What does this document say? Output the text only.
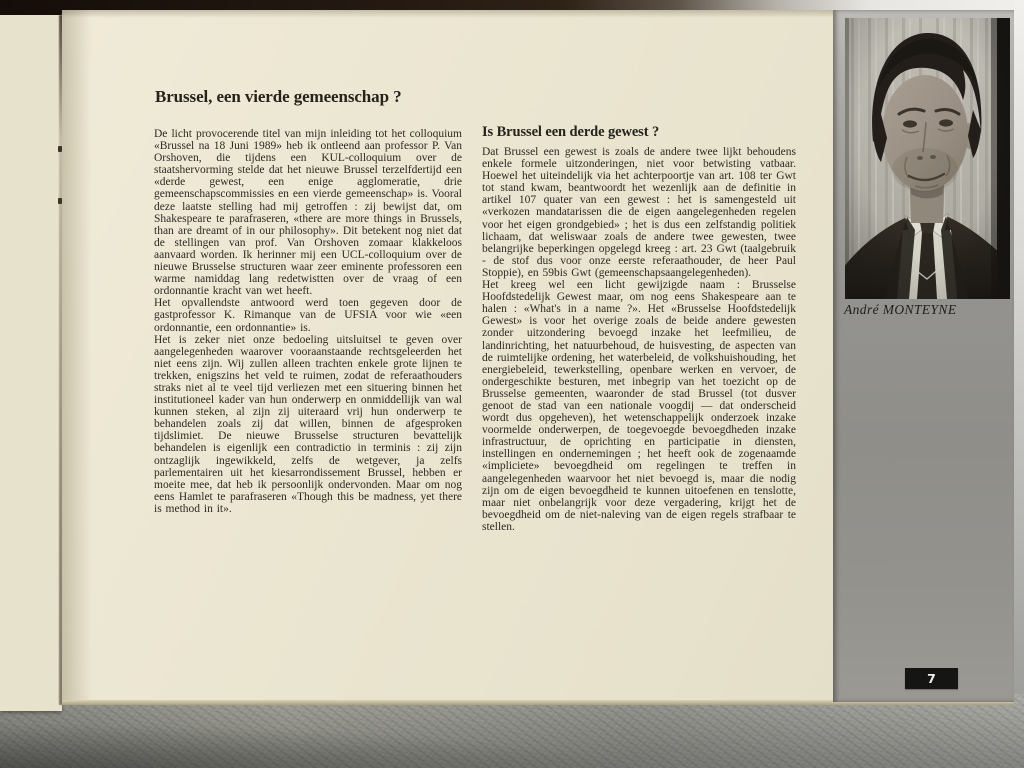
André MONTEYNE
Brussel, een vierde gemeenschap ?

De licht provocerende titel van mijn inleiding tot het colloquium «Brussel na 18 Juni 1989» heb ik ontleend aan professor P. Van Orshoven, die tijdens een KUL-colloquium over de staatshervorming stelde dat het nieuwe Brussel terzelfdertijd een «derde gewest, een enige agglomeratie, drie gemeenschapscommissies en een vierde gemeenschap» is. Vooral deze laatste stelling had mij getroffen : zij bewijst dat, om Shakespeare te parafraseren, «there are more things in Brussels, than are dreamt of in our philosophy». Dit betekent nog niet dat de stellingen van prof. Van Orshoven zomaar klakkeloos aanvaard worden. Ik herinner mij een UCL-colloquium over de nieuwe Brusselse structuren waar zeer eminente professoren een warme namiddag lang redetwistten over de vraag of een ordonnantie kracht van wet heeft.

Het opvallendste antwoord werd toen gegeven door de gastprofessor K. Rimanque van de UFSIA voor wie «een ordonnantie, een ordonnantie» is.

Het is zeker niet onze bedoeling uitsluitsel te geven over aangelegenheden waarover vooraanstaande rechtsgeleerden het niet eens zijn. Wij zullen alleen trachten enkele grote lijnen te trekken, enigszins het veld te ruimen, zodat de referaathouders straks niet al te veel tijd verliezen met een situering binnen het institutioneel kader van hun onderwerp en onmiddellijk van wal kunnen steken, al zijn zij uiteraard vrij hun onderwerp te behandelen zoals zij dat willen, binnen de afgesproken tijdslimiet. De nieuwe Brusselse structuren bevattelijk behandelen is eigenlijk een contradictio in terminis : zij zijn ontzaglijk ingewikkeld, zelfs de wetgever, ja zelfs parlementairen uit het kiesarrondissement Brussel, hebben er moeite mee, dat heb ik persoonlijk ondervonden. Maar om nog eens Hamlet te parafraseren «Though this be madness, yet there is method in it».

Is Brussel een derde gewest ?

Dat Brussel een gewest is zoals de andere twee lijkt behoudens enkele formele uitzonderingen, niet voor betwisting vatbaar. Hoewel het uiteindelijk via het achterpoortje van art. 108 ter Gwt tot stand kwam, beantwoordt het wezenlijk aan de definitie in artikel 107 quater van een gewest : het is samengesteld uit «verkozen mandatarissen die de eigen aangelegenheden regelen voor het eigen grondgebied» ; het is dus een zelfstandig politiek lichaam, dat weliswaar zoals de andere twee gewesten, twee belangrijke beperkingen opgelegd kreeg : art. 23 Gwt (taalgebruik - de stof dus voor onze eerste referaathouder, de heer Paul Stoppie), en 59bis Gwt (gemeenschapsaangelegenheden).

Het kreeg wel een licht gewijzigde naam : Brusselse Hoofdstedelijk Gewest maar, om nog eens Shakespeare aan te halen : «What's in a name ?». Het «Brusselse Hoofdstedelijk Gewest» is voor het overige zoals de beide andere gewesten zonder uitzondering bevoegd inzake het leefmilieu, de landinrichting, het natuurbehoud, de huisvesting, de aspecten van de ruimtelijke ordening, het waterbeleid, de volkshuishouding, het energiebeleid, tewerkstelling, openbare werken en vervoer, de ondergeschikte besturen, met inbegrip van het toezicht op de Brusselse gemeenten, waaronder de stad Brussel (tot dusver genoot de stad van een nationale voogdij — dat onderscheid wordt dus opgeheven), het wetenschappelijk onderzoek inzake voormelde onderwerpen, de toegevoegde bevoegdheden inzake infrastructuur, de oprichting en participatie in diensten, instellingen en ondernemingen ; het heeft ook de zogenaamde «impliciete» bevoegdheid om regelingen te treffen in aangelegenheden waarvoor het niet bevoegd is, maar die nodig zijn om de eigen bevoegdheid te kunnen uitoefenen en tenslotte, maar niet onbelangrijk voor deze vergadering, krijgt het de bevoegdheid om de niet-naleving van de eigen regels strafbaar te stellen.

7
